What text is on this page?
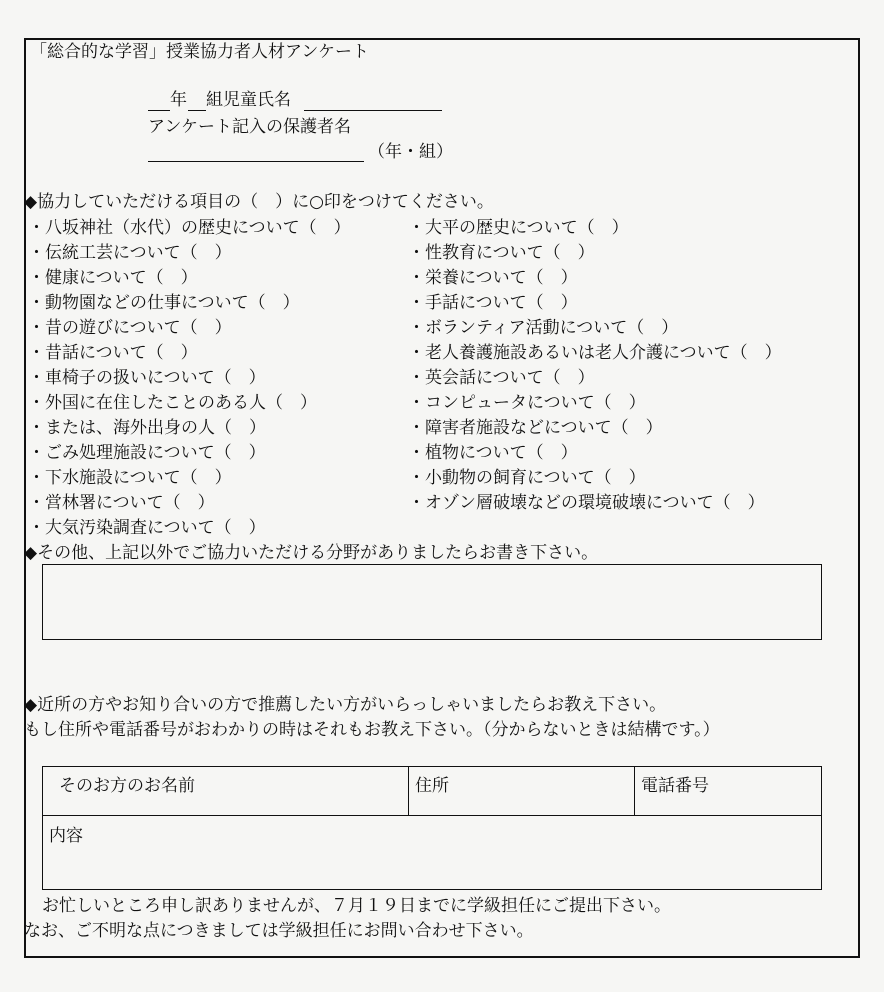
「総合的な学習」授業協力者人材アンケート
年 組児童氏名
アンケート記入の保護者名
（年・組）
◆協力していただける項目の（　）に○印をつけてください。
・八坂神社（水代）の歴史について（　）
・伝統工芸について（　）
・健康について（　）
・動物園などの仕事について（　）
・昔の遊びについて（　）
・昔話について（　）
・車椅子の扱いについて（　）
・外国に在住したことのある人（　）
・または、海外出身の人（　）
・ごみ処理施設について（　）
・下水施設について（　）
・営林署について（　）
・大気汚染調査について（　）
・大平の歴史について（　）
・性教育について（　）
・栄養について（　）
・手話について（　）
・ボランティア活動について（　）
・老人養護施設あるいは老人介護について（　）
・英会話について（　）
・コンピュータについて（　）
・障害者施設などについて（　）
・植物について（　）
・小動物の飼育について（　）
・オゾン層破壊などの環境破壊について（　）
◆その他、上記以外でご協力いただける分野がありましたらお書き下さい。
◆近所の方やお知り合いの方で推薦したい方がいらっしゃいましたらお教え下さい。
もし住所や電話番号がおわかりの時はそれもお教え下さい。（分からないときは結構です。）
そのお方のお名前	住所	電話番号
内容
お忙しいところ申し訳ありませんが、７月１９日までに学級担任にご提出下さい。
なお、ご不明な点につきましては学級担任にお問い合わせ下さい。
